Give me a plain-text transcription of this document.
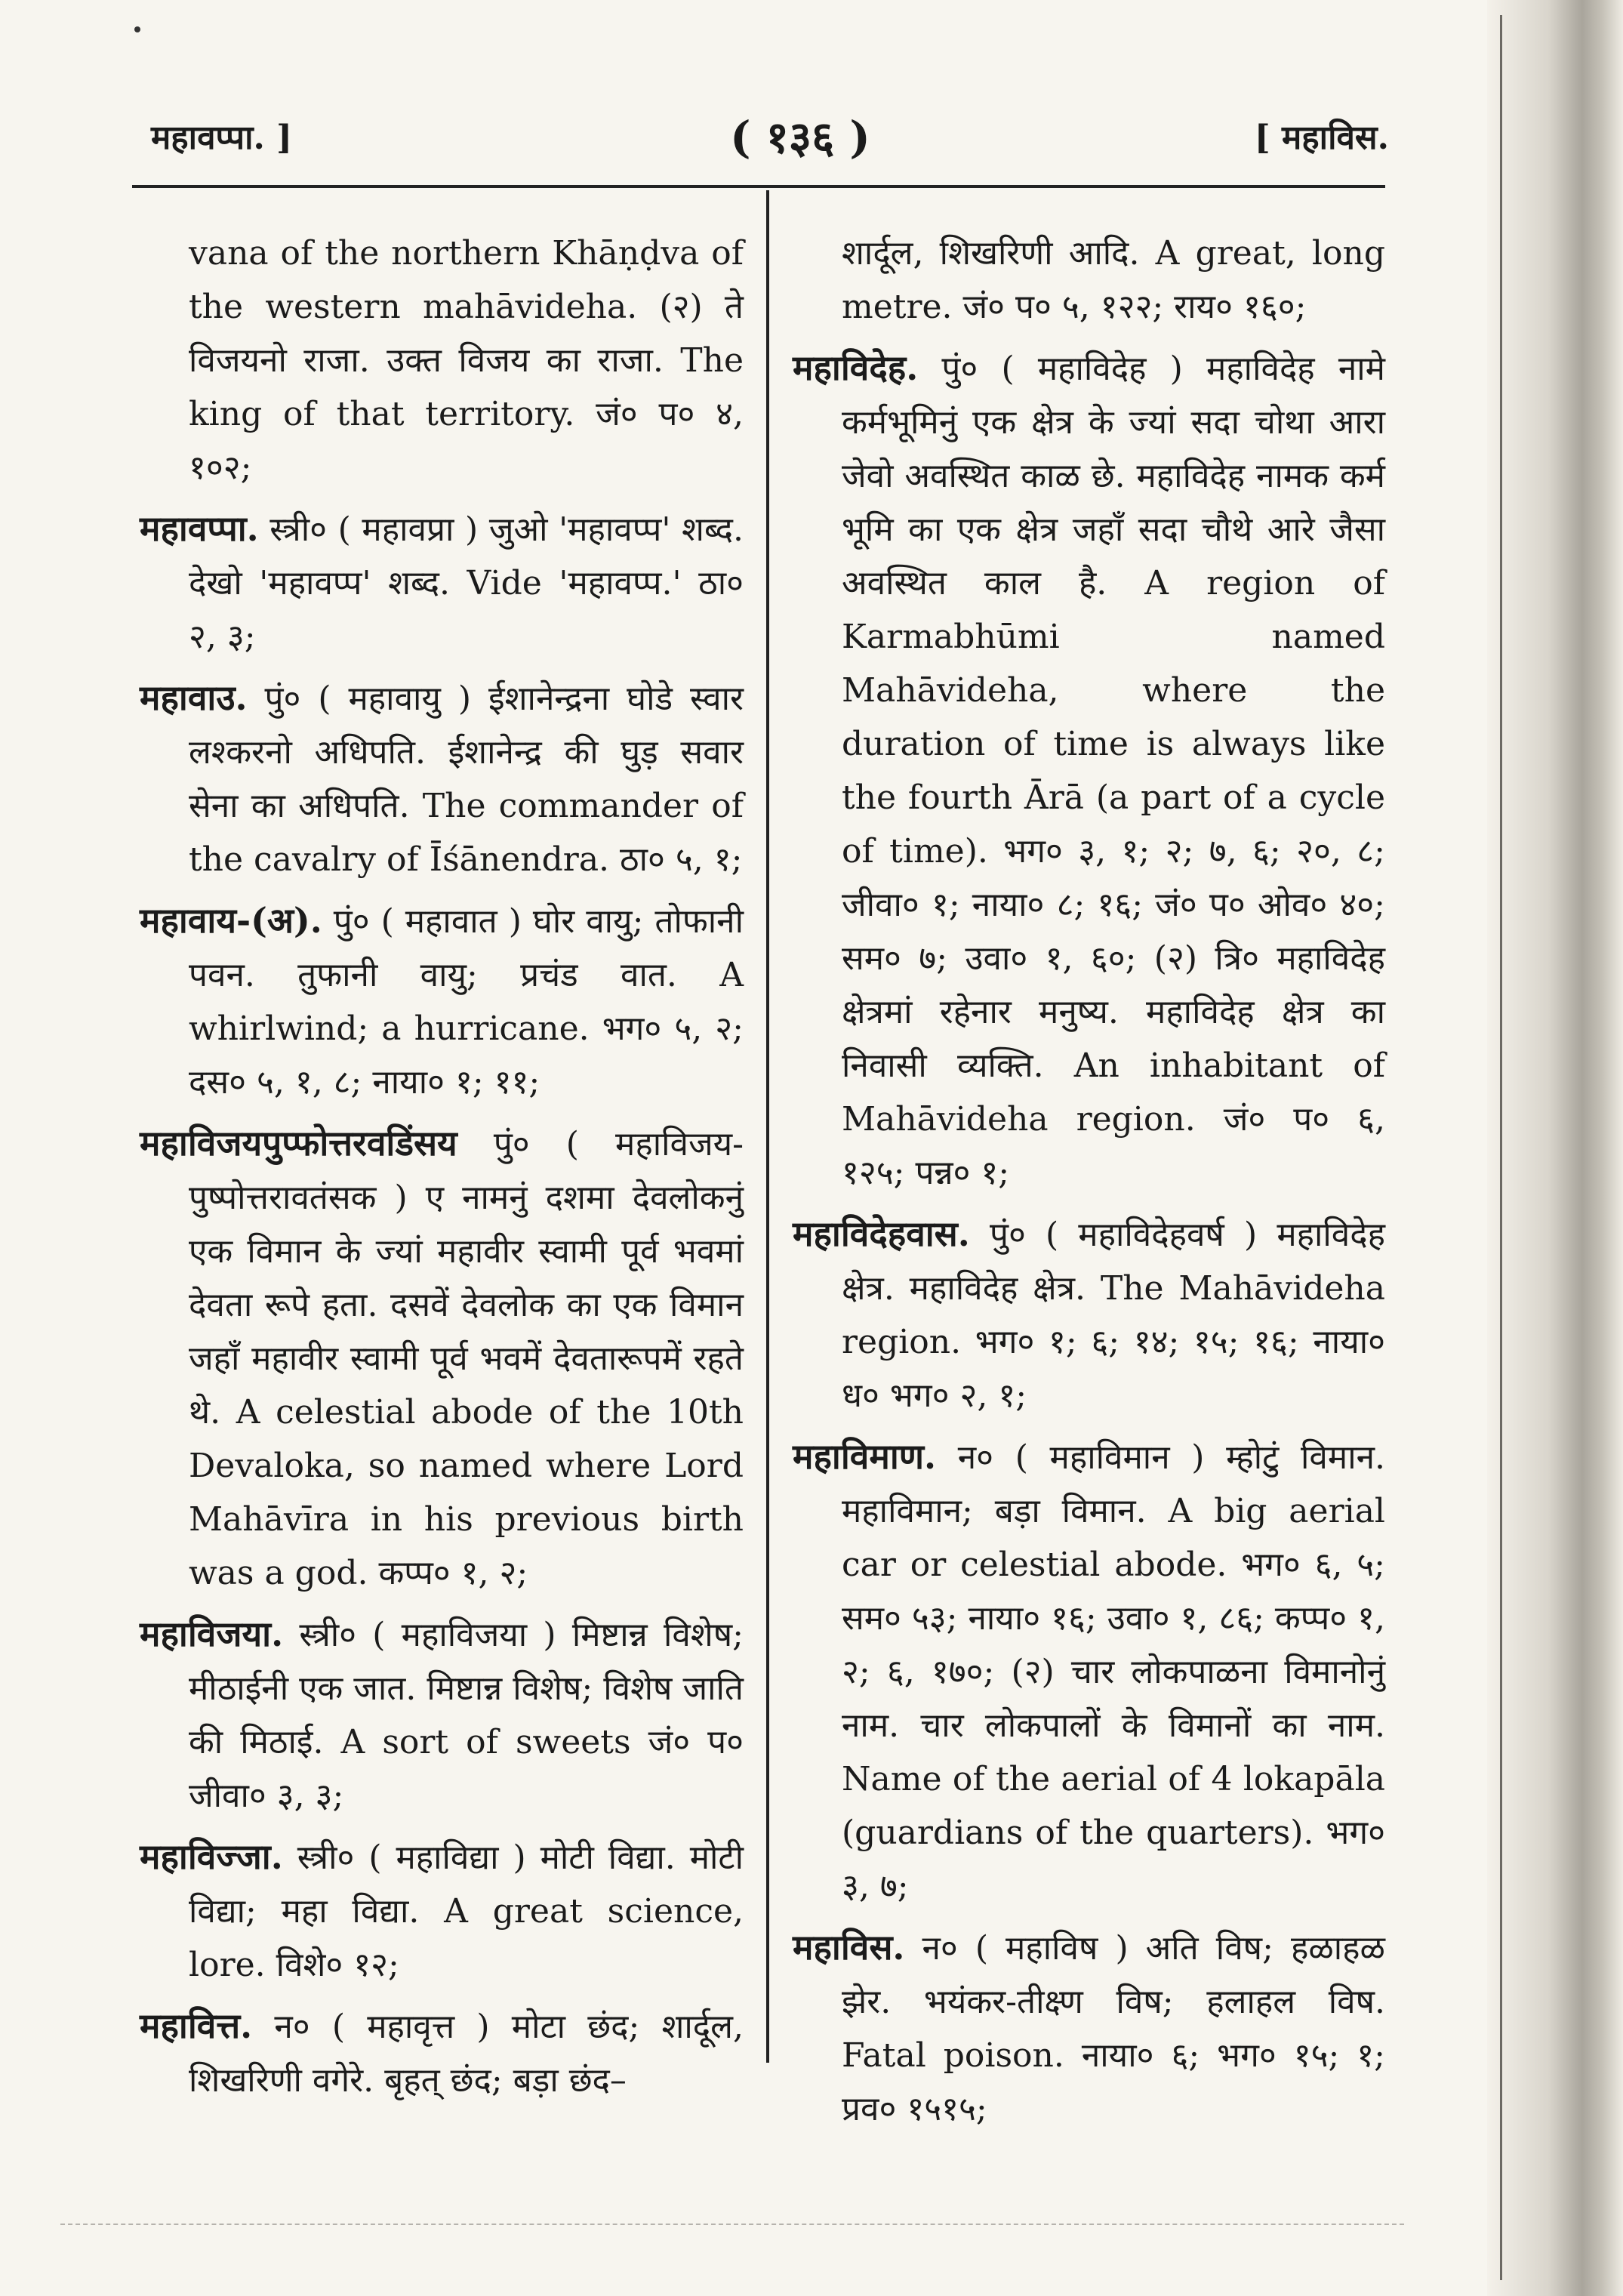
महावप्पा. ]	( १३६ )	[ महाविस.

vana of the northern Khāṇḍva of the western mahāvideha. (२) ते विजयनो राजा. उक्त विजय का राजा. The king of that territory. जं० प० ४, १०२;

महावप्पा. स्त्री० ( महावप्रा ) जुओ 'महावप्प' शब्द. देखो 'महावप्प' शब्द. Vide 'महावप्प.' ठा० २, ३;

महावाउ. पुं० ( महावायु ) ईशानेन्द्रना घोडे स्वार लश्करनो अधिपति. ईशानेन्द्र की घुड़ सवार सेना का अधिपति. The commander of the cavalry of Īśānendra. ठा० ५, १;

महावाय-(अ). पुं० ( महावात ) घोर वायु; तोफानी पवन. तुफानी वायु; प्रचंड वात. A whirlwind; a hurricane. भग० ५, २; दस० ५, १, ८; नाया० १; ११;

महाविजयपुप्फोत्तरवडिंसय पुं० ( महाविजय-पुष्पोत्तरावतंसक ) ए नामनुं दशमा देवलोकनुं एक विमान के ज्यां महावीर स्वामी पूर्व भवमां देवता रूपे हता. दसवें देवलोक का एक विमान जहाँ महावीर स्वामी पूर्व भवमें देवतारूपमें रहते थे. A celestial abode of the 10th Devaloka, so named where Lord Mahāvīra in his previous birth was a god. कप्प० १, २;

महाविजया. स्त्री० ( महाविजया ) मिष्टान्न विशेष; मीठाईनी एक जात. मिष्टान्न विशेष; विशेष जाति की मिठाई. A sort of sweets जं० प० जीवा० ३, ३;

महाविज्जा. स्त्री० ( महाविद्या ) मोटी विद्या. मोटी विद्या; महा विद्या. A great science, lore. विशे० १२;

महावित्त. न० ( महावृत्त ) मोटा छंद; शार्दूल, शिखरिणी वगेरे. बृहत् छंद; बड़ा छंद–

शार्दूल, शिखरिणी आदि. A great, long metre. जं० प० ५, १२२; राय० १६०;

महाविदेह. पुं० ( महाविदेह ) महाविदेह नामे कर्मभूमिनुं एक क्षेत्र के ज्यां सदा चोथा आरा जेवो अवस्थित काळ छे. महाविदेह नामक कर्म भूमि का एक क्षेत्र जहाँ सदा चौथे आरे जैसा अवस्थित काल है. A region of Karmabhūmi named Mahāvideha, where the duration of time is always like the fourth Ārā (a part of a cycle of time). भग० ३, १; २; ७, ६; २०, ८; जीवा० १; नाया० ८; १६; जं० प० ओव० ४०; सम० ७; उवा० १, ६०; (२) त्रि० महाविदेह क्षेत्रमां रहेनार मनुष्य. महाविदेह क्षेत्र का निवासी व्यक्ति. An inhabitant of Mahāvideha region. जं० प० ६, १२५; पन्न० १;

महाविदेहवास. पुं० ( महाविदेहवर्ष ) महाविदेह क्षेत्र. महाविदेह क्षेत्र. The Mahāvideha region. भग० १; ६; १४; १५; १६; नाया० ध० भग० २, १;

महाविमाण. न० ( महाविमान ) म्होटुं विमान. महाविमान; बड़ा विमान. A big aerial car or celestial abode. भग० ६, ५; सम० ५३; नाया० १६; उवा० १, ८६; कप्प० १, २; ६, १७०; (२) चार लोकपाळना विमानोनुं नाम. चार लोकपालों के विमानों का नाम. Name of the aerial of 4 lokapāla (guardians of the quarters). भग० ३, ७;

महाविस. न० ( महाविष ) अति विष; हळाहळ झेर. भयंकर-तीक्ष्ण विष; हलाहल विष. Fatal poison. नाया० ६; भग० १५; १; प्रव० १५१५;
